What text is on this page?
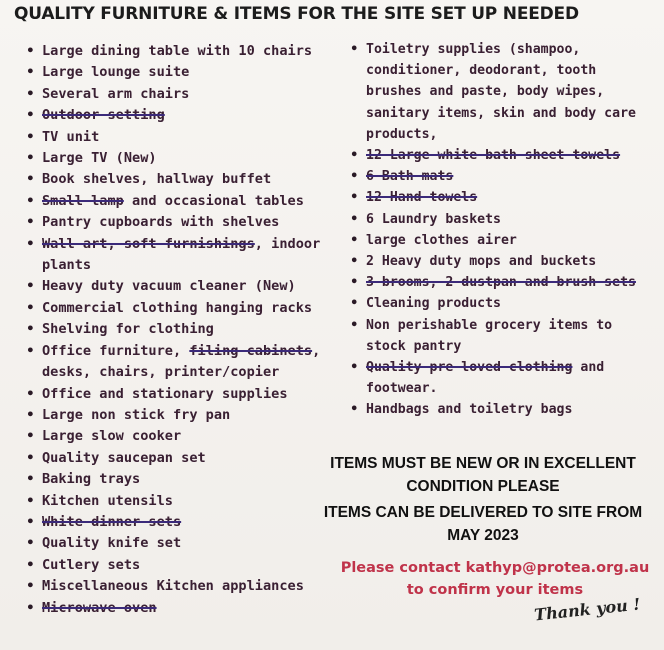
QUALITY FURNITURE & ITEMS FOR THE SITE SET UP NEEDED
• Large dining table with 10 chairs
• Large lounge suite
• Several arm chairs
• Outdoor setting
• TV unit
• Large TV (New)
• Book shelves, hallway buffet
• Small lamp and occasional tables
• Pantry cupboards with shelves
• Wall art, soft furnishings, indoor plants
• Heavy duty vacuum cleaner (New)
• Commercial clothing hanging racks
• Shelving for clothing
• Office furniture, filing cabinets, desks, chairs, printer/copier
• Office and stationary supplies
• Large non stick fry pan
• Large slow cooker
• Quality saucepan set
• Baking trays
• Kitchen utensils
• White dinner sets
• Quality knife set
• Cutlery sets
• Miscellaneous Kitchen appliances
• Microwave oven
• Toiletry supplies (shampoo, conditioner, deodorant, tooth brushes and paste, body wipes, sanitary items, skin and body care products,
• 12 Large white bath sheet towels
• 6 Bath mats
• 12 Hand towels
• 6 Laundry baskets
• large clothes airer
• 2 Heavy duty mops and buckets
• 3 brooms, 2 dustpan and brush sets
• Cleaning products
• Non perishable grocery items to stock pantry
• Quality pre loved clothing and footwear.
• Handbags and toiletry bags
ITEMS MUST BE NEW OR IN EXCELLENT CONDITION PLEASE
ITEMS CAN BE DELIVERED TO SITE FROM MAY 2023
Please contact kathyp@protea.org.au to confirm your items
Thank you !
